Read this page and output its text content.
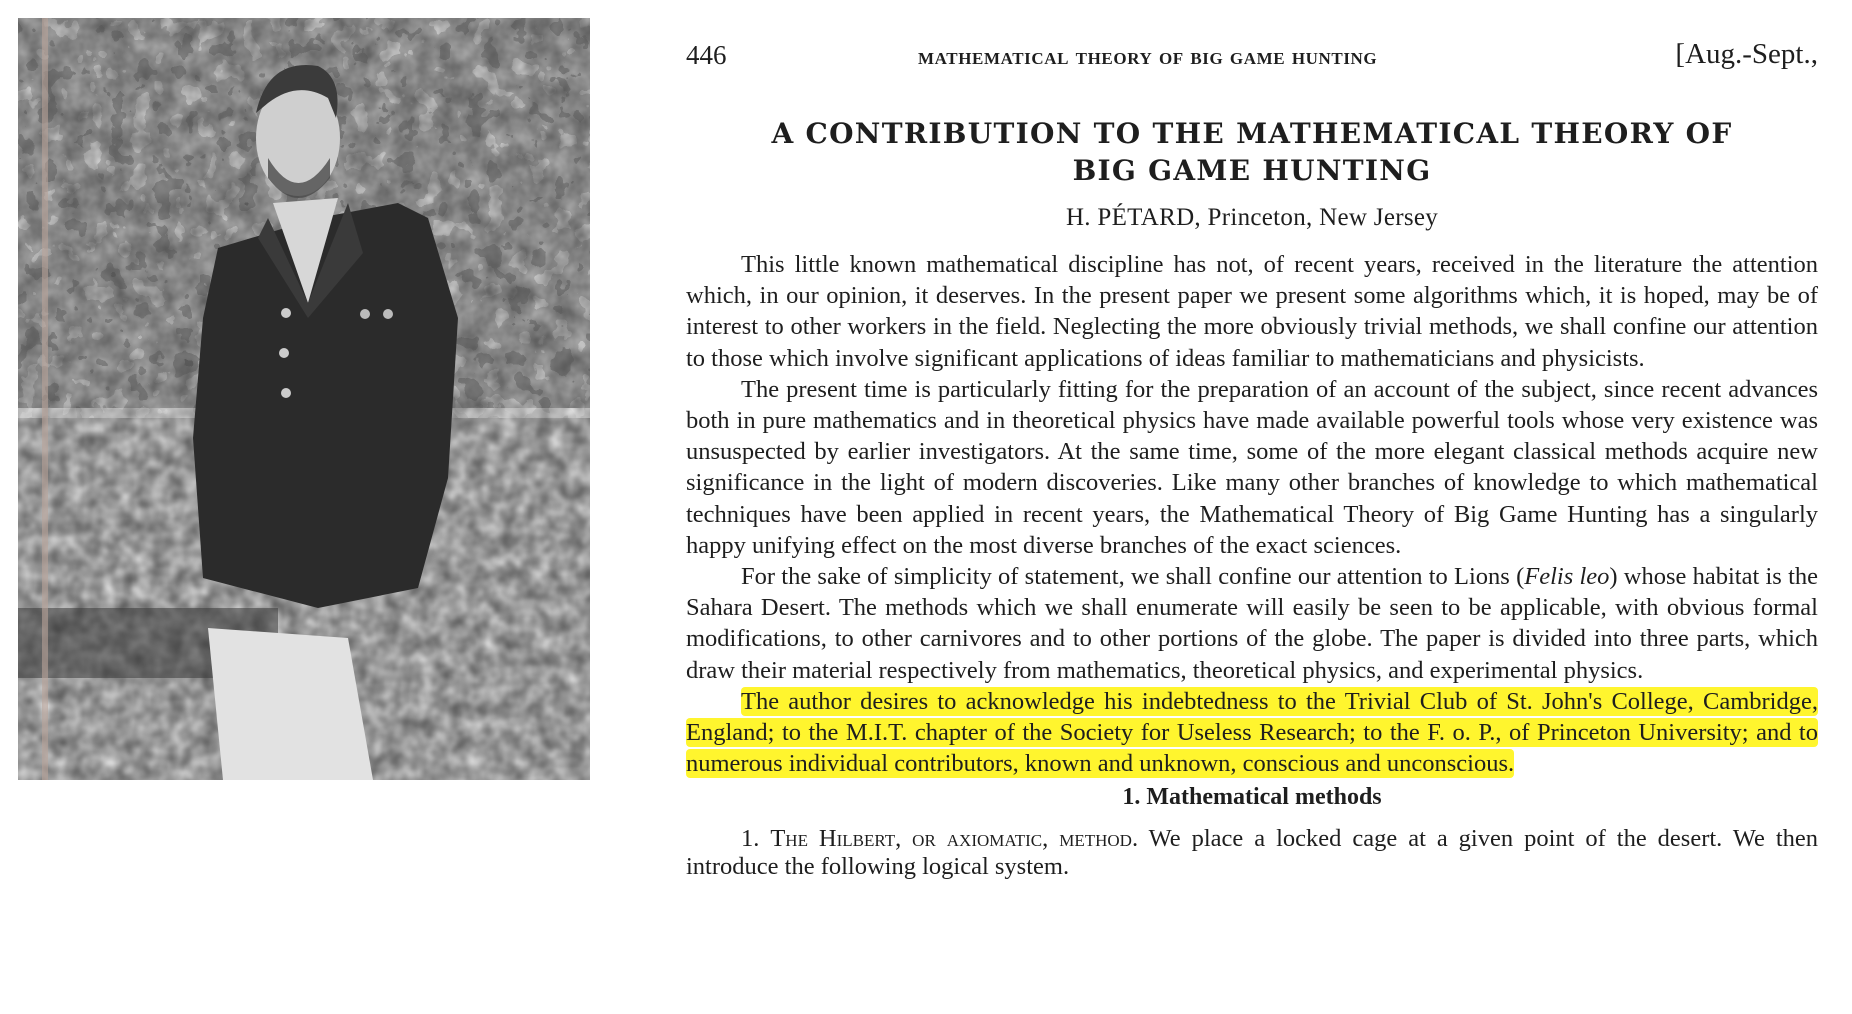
446	mathematical theory of big game hunting	[Aug.-Sept.,
A CONTRIBUTION TO THE MATHEMATICAL THEORY OF
BIG GAME HUNTING
H. PÉTARD, Princeton, New Jersey

This little known mathematical discipline has not, of recent years, received in the literature the attention which, in our opinion, it deserves. In the present paper we present some algorithms which, it is hoped, may be of interest to other workers in the field. Neglecting the more obviously trivial methods, we shall confine our attention to those which involve significant applications of ideas familiar to mathematicians and physicists.

The present time is particularly fitting for the preparation of an account of the subject, since recent advances both in pure mathematics and in theoretical physics have made available powerful tools whose very existence was unsuspected by earlier investigators. At the same time, some of the more elegant classical methods acquire new significance in the light of modern discoveries. Like many other branches of knowledge to which mathematical techniques have been applied in recent years, the Mathematical Theory of Big Game Hunting has a singularly happy unifying effect on the most diverse branches of the exact sciences.

For the sake of simplicity of statement, we shall confine our attention to Lions (Felis leo) whose habitat is the Sahara Desert. The methods which we shall enumerate will easily be seen to be applicable, with obvious formal modifications, to other carnivores and to other portions of the globe. The paper is divided into three parts, which draw their material respectively from mathematics, theoretical physics, and experimental physics.

The author desires to acknowledge his indebtedness to the Trivial Club of St. John's College, Cambridge, England; to the M.I.T. chapter of the Society for Useless Research; to the F. o. P., of Princeton University; and to numerous individual contributors, known and unknown, conscious and unconscious.

1. Mathematical methods

1. The Hilbert, or axiomatic, method. We place a locked cage at a given point of the desert. We then introduce the following logical system.
